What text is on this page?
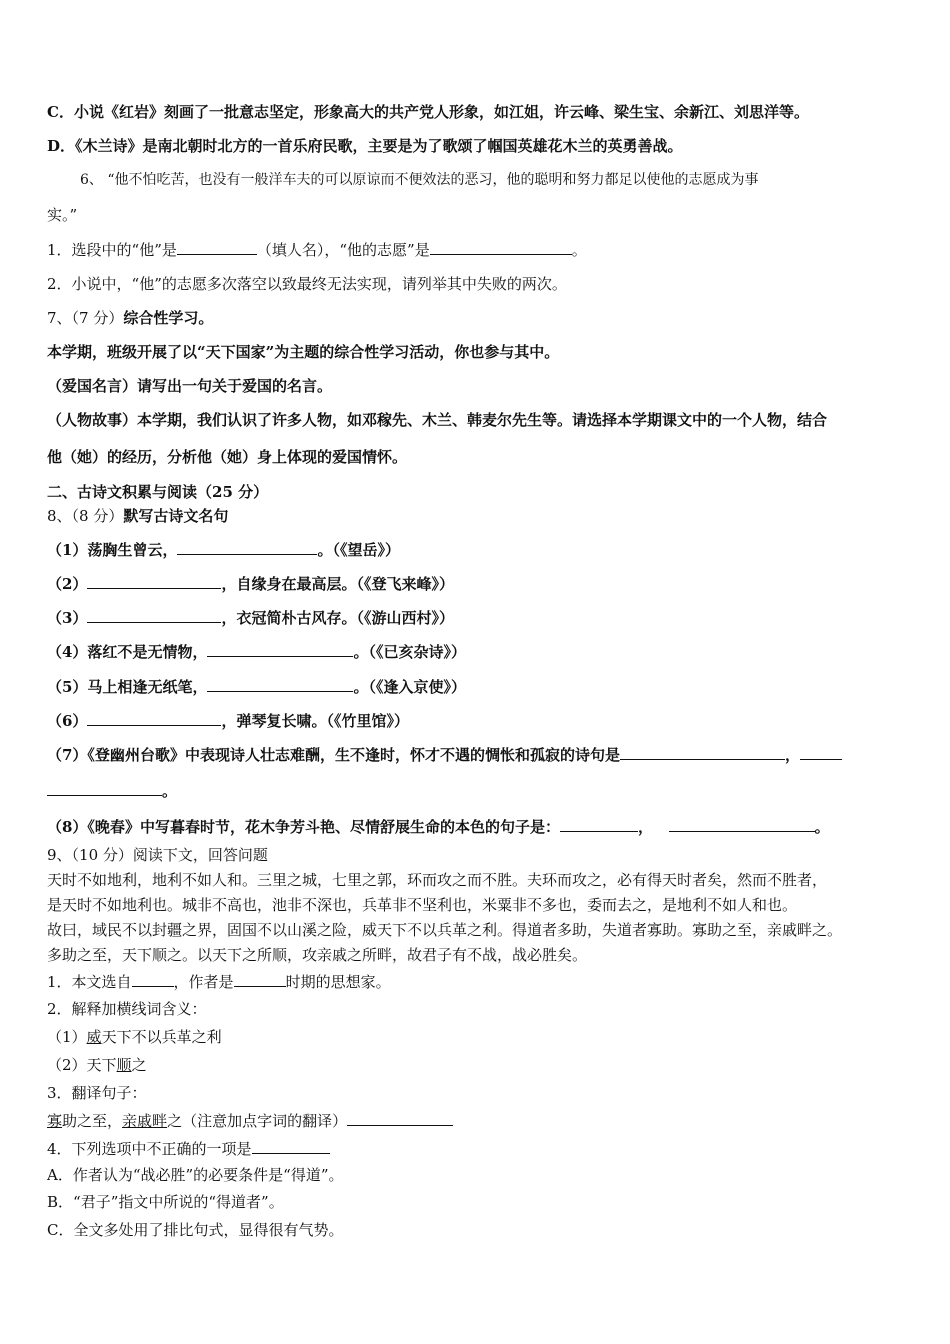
C．小说《红岩》刻画了一批意志坚定，形象高大的共产党人形象，如江姐，许云峰、梁生宝、余新江、刘思洋等。
D．《木兰诗》是南北朝时北方的一首乐府民歌，主要是为了歌颂了帼国英雄花木兰的英勇善战。
6、 “他不怕吃苦，也没有一般洋车夫的可以原谅而不便效法的恶习，他的聪明和努力都足以使他的志愿成为事
实。”
1．选段中的“他”是	（填人名），“他的志愿”是	。
2．小说中，“他”的志愿多次落空以致最终无法实现，请列举其中失败的两次。
7、（7 分）综合性学习。
本学期，班级开展了以“天下国家”为主题的综合性学习活动，你也参与其中。
（爱国名言）请写出一句关于爱国的名言。
（人物故事）本学期，我们认识了许多人物，如邓稼先、木兰、韩麦尔先生等。请选择本学期课文中的一个人物，结合
他（她）的经历，分析他（她）身上体现的爱国情怀。
二、古诗文积累与阅读（25 分）
8、（8 分）默写古诗文名句
（1）荡胸生曾云，	。（《望岳》）
（2）	，自缘身在最高层。（《登飞来峰》）
（3）	，衣冠简朴古风存。（《游山西村》）
（4）落红不是无情物，	。（《已亥杂诗》）
（5）马上相逢无纸笔，	。（《逢入京使》）
（6）	，弹琴复长啸。（《竹里馆》）
（7）《登幽州台歌》中表现诗人壮志难酬，生不逢时，怀才不遇的惆怅和孤寂的诗句是	，
。
（8）《晚春》中写暮春时节，花木争芳斗艳、尽情舒展生命的本色的句子是：	，	。
9、（10 分）阅读下文，回答问题
天时不如地利，地利不如人和。三里之城，七里之郭，环而攻之而不胜。夫环而攻之，必有得天时者矣，然而不胜者，
是天时不如地利也。城非不高也，池非不深也，兵革非不坚利也，米粟非不多也，委而去之，是地利不如人和也。
故曰，域民不以封疆之界，固国不以山溪之险，威天下不以兵革之利。得道者多助，失道者寡助。寡助之至，亲戚畔之。
多助之至，天下顺之。以天下之所顺，攻亲戚之所畔，故君子有不战，战必胜矣。
1．本文选自	，作者是	时期的思想家。
2．解释加横线词含义：
（1）威天下不以兵革之利
（2）天下顺之
3．翻译句子：
寡助之至，亲戚畔之（注意加点字词的翻译）
4．下列选项中不正确的一项是
A．作者认为“战必胜”的必要条件是“得道”。
B．“君子”指文中所说的“得道者”。
C．全文多处用了排比句式，显得很有气势。
